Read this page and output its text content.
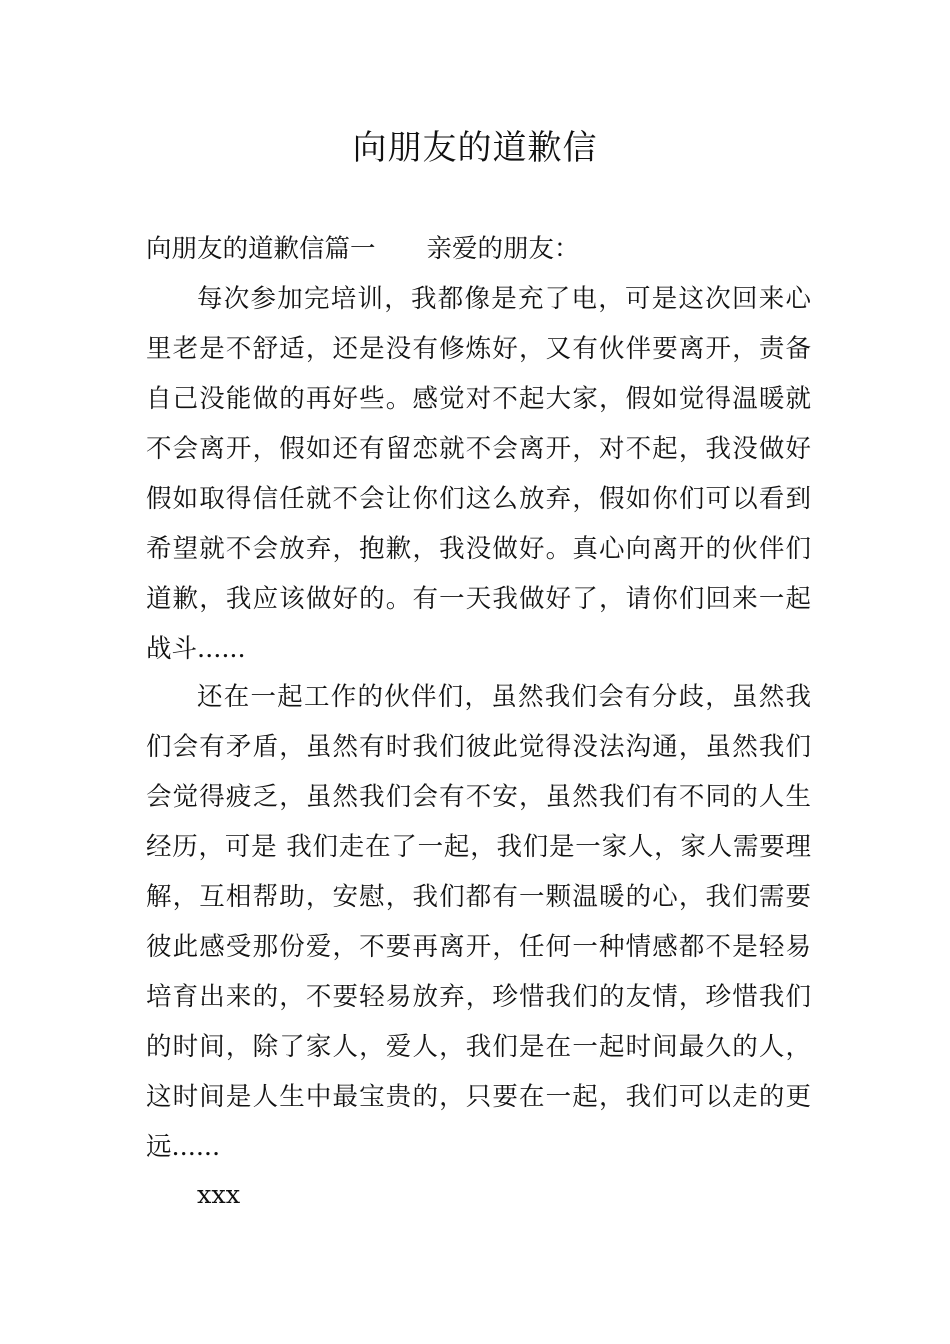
向朋友的道歉信

向朋友的道歉信篇一　　亲爱的朋友：

每次参加完培训，我都像是充了电，可是这次回来心

里老是不舒适，还是没有修炼好，又有伙伴要离开，责备

自己没能做的再好些。感觉对不起大家，假如觉得温暖就

不会离开，假如还有留恋就不会离开，对不起，我没做好

假如取得信任就不会让你们这么放弃，假如你们可以看到

希望就不会放弃，抱歉，我没做好。真心向离开的伙伴们

道歉，我应该做好的。有一天我做好了，请你们回来一起

战斗......

还在一起工作的伙伴们，虽然我们会有分歧，虽然我

们会有矛盾，虽然有时我们彼此觉得没法沟通，虽然我们

会觉得疲乏，虽然我们会有不安，虽然我们有不同的人生

经历，可是 我们走在了一起，我们是一家人，家人需要理

解，互相帮助，安慰，我们都有一颗温暖的心，我们需要

彼此感受那份爱，不要再离开，任何一种情感都不是轻易

培育出来的，不要轻易放弃，珍惜我们的友情，珍惜我们

的时间，除了家人，爱人，我们是在一起时间最久的人，

这时间是人生中最宝贵的，只要在一起，我们可以走的更

远......

xxx
